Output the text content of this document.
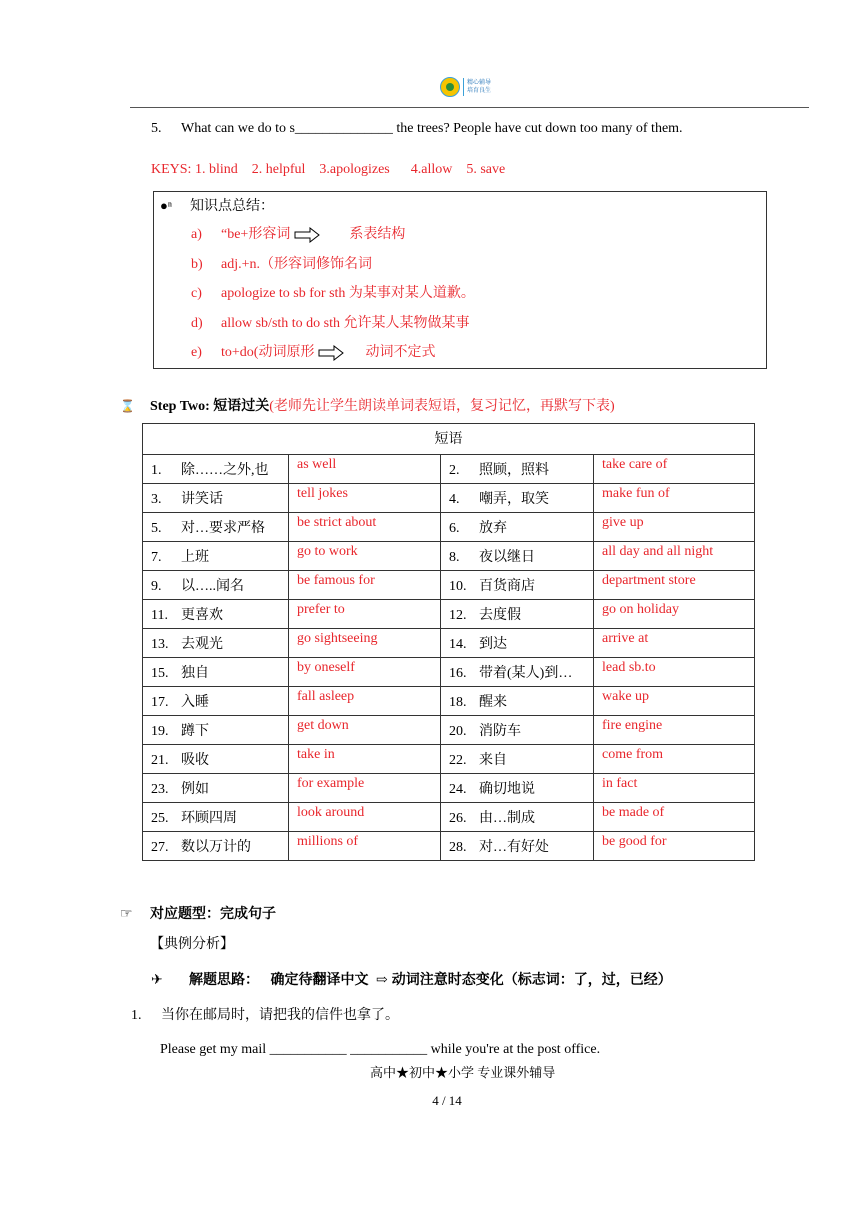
精心辅导
培育良生
5. What can we do to s______________ the trees? People have cut down too many of them.
KEYS: 1. blind    2. helpful    3.apologizes      4.allow    5. save
●ⁿ 知识点总结：
a) “be+形容词	系表结构
b) adj.+n.（形容词修饰名词
c) apologize to sb for sth 为某事对某人道歉。
d) allow sb/sth to do sth 允许某人某物做某事
e) to+do(动词原形	动词不定式
⌛ Step Two: 短语过关(老师先让学生朗读单词表短语，复习记忆，再默写下表)
短语			
1. 除……之外,也	as well	2. 照顾，照料	take care of
3. 讲笑话	tell jokes	4. 嘲弄，取笑	make fun of
5. 对…要求严格	be strict about	6. 放弃	give up
7. 上班	go to work	8. 夜以继日	all day and all night
9. 以…..闻名	be famous for	10. 百货商店	department store
11. 更喜欢	prefer to	12. 去度假	go on holiday
13. 去观光	go sightseeing	14. 到达	arrive at
15. 独自	by oneself	16. 带着(某人)到…	lead sb.to
17. 入睡	fall asleep	18. 醒来	wake up
19. 蹲下	get down	20. 消防车	fire engine
21. 吸收	take in	22. 来自	come from
23. 例如	for example	24. 确切地说	in fact
25. 环顾四周	look around	26. 由…制成	be made of
27. 数以万计的	millions of	28. 对…有好处	be good for
☞ 对应题型：完成句子
【典例分析】
✈ 解题思路： 确定待翻译中文 ⇨ 动词注意时态变化（标志词：了，过，已经）
1. 当你在邮局时，请把我的信件也拿了。
Please get my mail ___________ ___________ while you're at the post office.
高中★初中★小学 专业课外辅导
4 / 14
